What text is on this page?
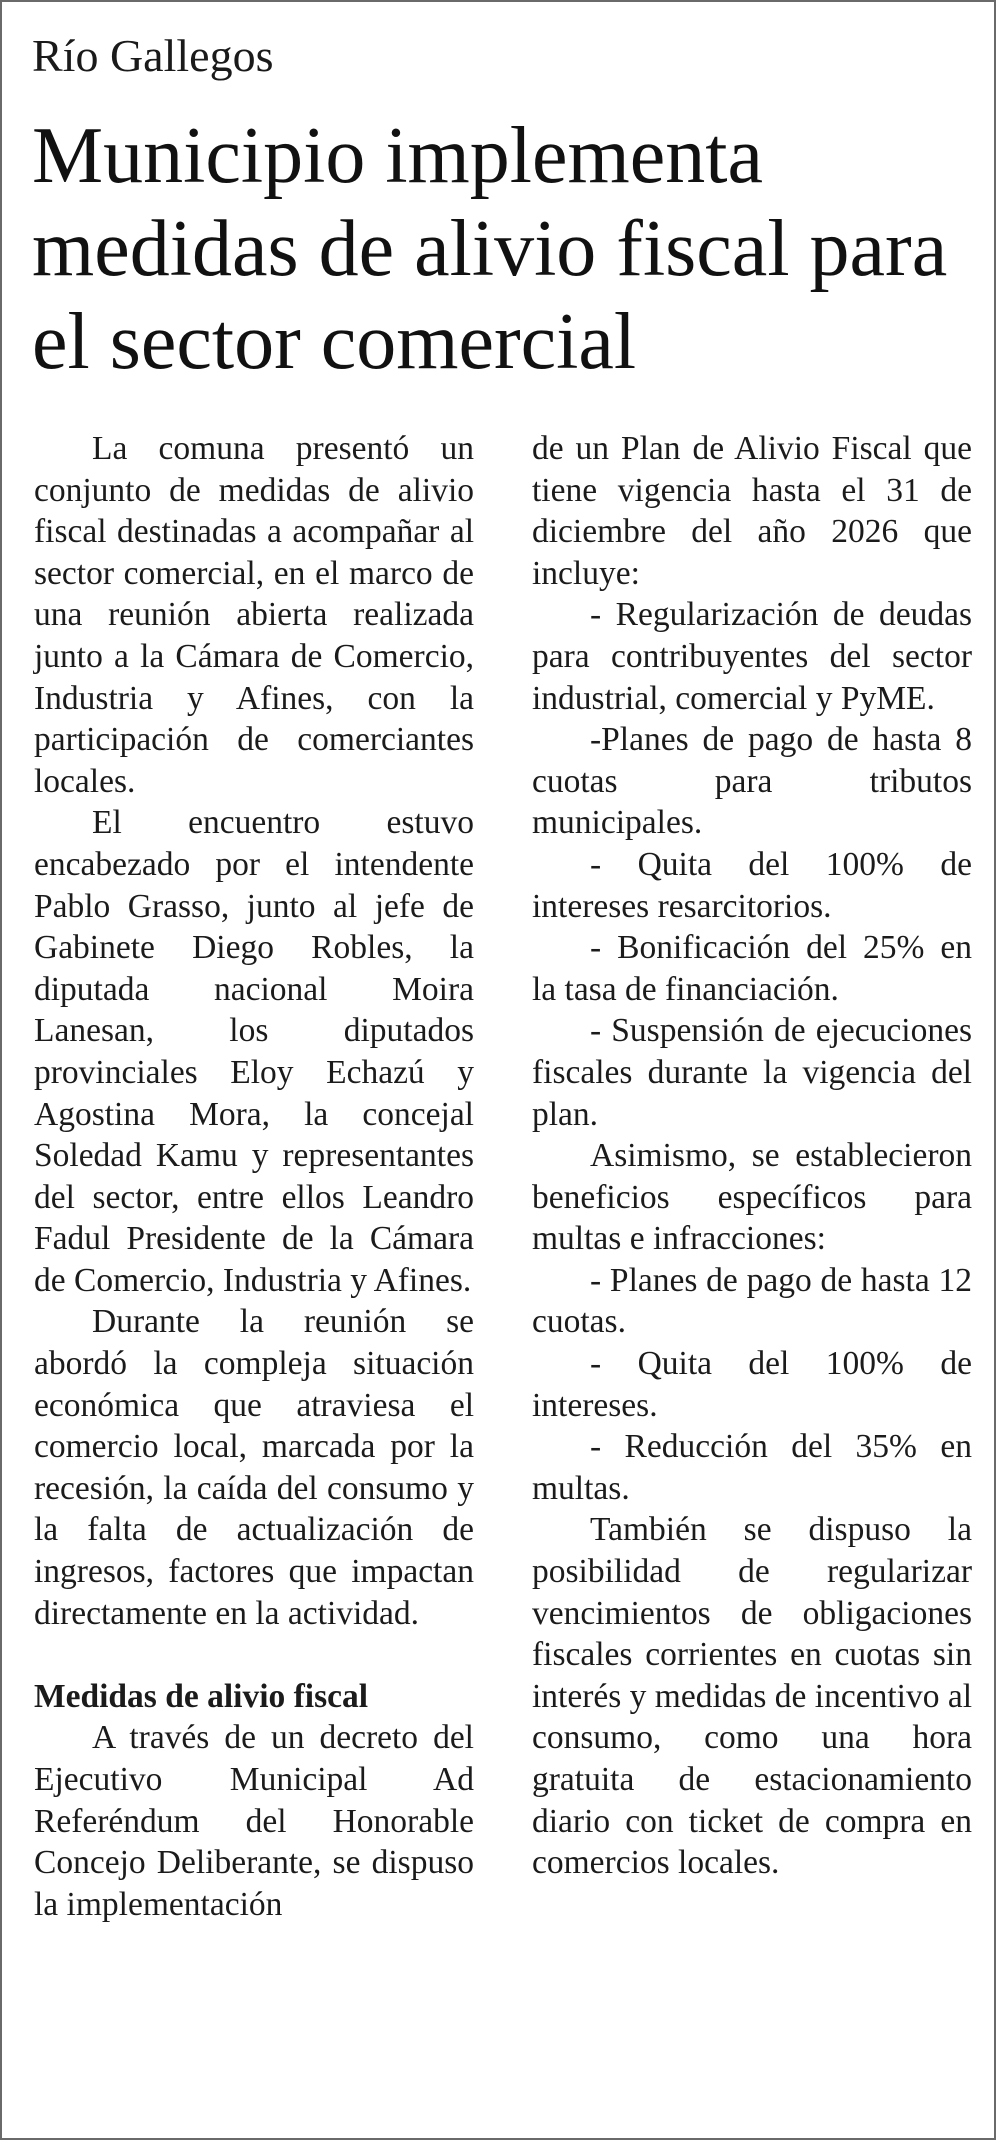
Río Gallegos
Municipio implementa medidas de alivio fiscal para el sector comercial

La comuna presentó un conjunto de medidas de alivio fiscal destinadas a acompañar al sector comercial, en el marco de una reunión abierta realizada junto a la Cámara de Comercio, Industria y Afines, con la participación de comerciantes locales.

El encuentro estuvo encabezado por el intendente Pablo Grasso, junto al jefe de Gabinete Diego Robles, la diputada nacional Moira Lanesan, los diputados provinciales Eloy Echazú y Agostina Mora, la concejal Soledad Kamu y representantes del sector, entre ellos Leandro Fadul Presidente de la Cámara de Comercio, Industria y Afines.

Durante la reunión se abordó la compleja situación económica que atraviesa el comercio local, marcada por la recesión, la caída del consumo y la falta de actualización de ingresos, factores que impactan directamente en la actividad.

Medidas de alivio fiscal

A través de un decreto del Ejecutivo Municipal Ad Referéndum del Honorable Concejo Deliberante, se dispuso la implementación

de un Plan de Alivio Fiscal que tiene vigencia hasta el 31 de diciembre del año 2026 que incluye:

- Regularización de deudas para contribuyentes del sector industrial, comercial y PyME.

-Planes de pago de hasta 8 cuotas para tributos municipales.

- Quita del 100% de intereses resarcitorios.

- Bonificación del 25% en la tasa de financiación.

- Suspensión de ejecuciones fiscales durante la vigencia del plan.

Asimismo, se establecieron beneficios específicos para multas e infracciones:

- Planes de pago de hasta 12 cuotas.

- Quita del 100% de intereses.

- Reducción del 35% en multas.

También se dispuso la posibilidad de regularizar vencimientos de obligaciones fiscales corrientes en cuotas sin interés y medidas de incentivo al consumo, como una hora gratuita de estacionamiento diario con ticket de compra en comercios locales.
